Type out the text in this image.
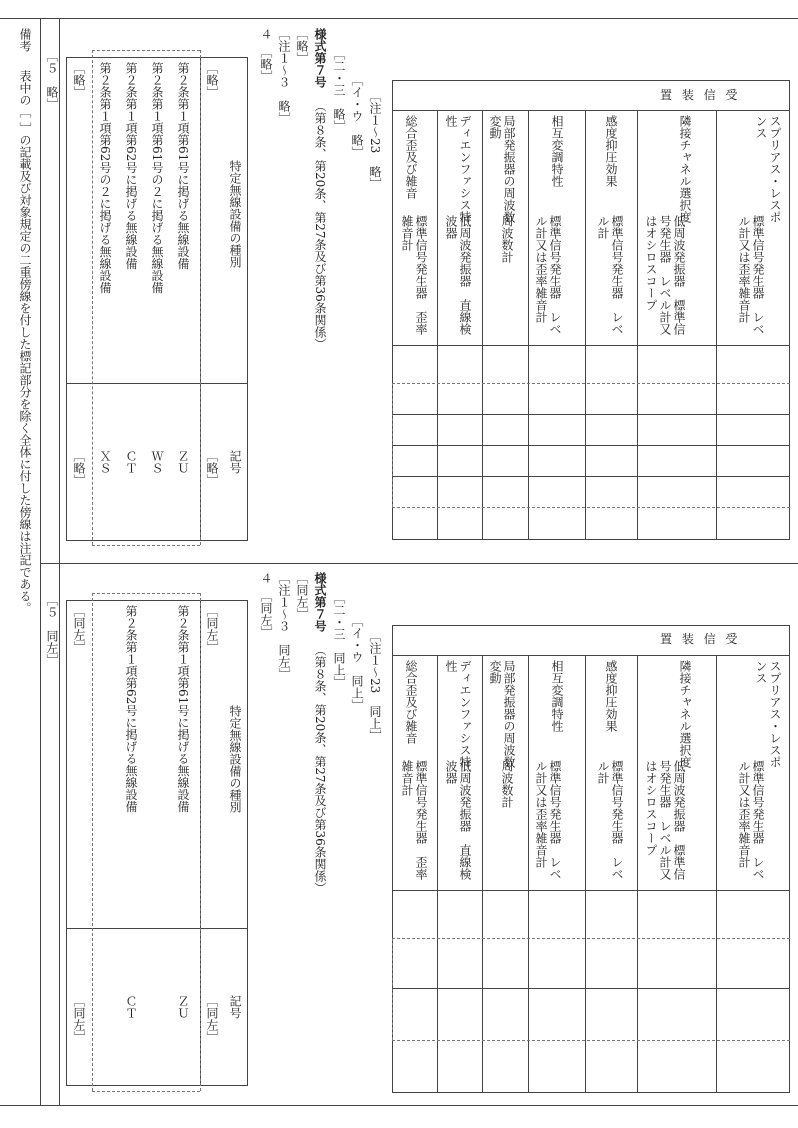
備考
表中の［ ］の記載及び対象規定の二重傍線を付した標記部分を除く全体に付した傍線は注記である。	置 装 信 受
スプリアス・レスポンス
隣接チャネル選択度
感度抑圧効果
相互変調特性
局部発振器の周波数変動
ディエンファシス特性
総合歪及び雑音
標準信号発生器　レベル計又は歪率雑音計
低周波発振器　標準信号発生器　レベル計又はオシロスコープ
標準信号発生器　レベル計
標準信号発生器　レベル計又は歪率雑音計
周波数計
低周波発振器　直線検波器
標準信号発生器　歪率雑音計
［注１～23　略］
［イ・ウ　略］
［二・三　略］
様式第７号
（第８条、第20条、第27条及び第36条関係）
［略］
［注１～３　略］
４　［略］
特定無線設備の種別
記号
［略］
［略］
第２条第１項第61号に掲げる無線設備
ＺＵ
第２条第１項第61号の２に掲げる無線設備
ＷＳ
第２条第１項第62号に掲げる無線設備
ＣＴ
第２条第１項第62号の２に掲げる無線設備
ＸＳ
［略］
［略］
［５　略］
置 装 信 受
スプリアス・レスポンス
隣接チャネル選択度
感度抑圧効果
相互変調特性
局部発振器の周波数変動
ディエンファシス特性
総合歪及び雑音
標準信号発生器　レベル計又は歪率雑音計
低周波発振器　標準信号発生器　レベル計又はオシロスコープ
標準信号発生器　レベル計
標準信号発生器　レベル計又は歪率雑音計
周波数計
低周波発振器　直線検波器
標準信号発生器　歪率雑音計
［注１～23　同上］
［イ・ウ　同上］
［二・三　同上］
様式第７号
（第８条、第20条、第27条及び第36条関係）
［同左］
［注１～３　同左］
４　［同左］
特定無線設備の種別
記号
［同左］
［同左］
第２条第１項第61号に掲げる無線設備
ＺＵ
第２条第１項第62号に掲げる無線設備
ＣＴ
［同左］
［同左］
［５　同左］
